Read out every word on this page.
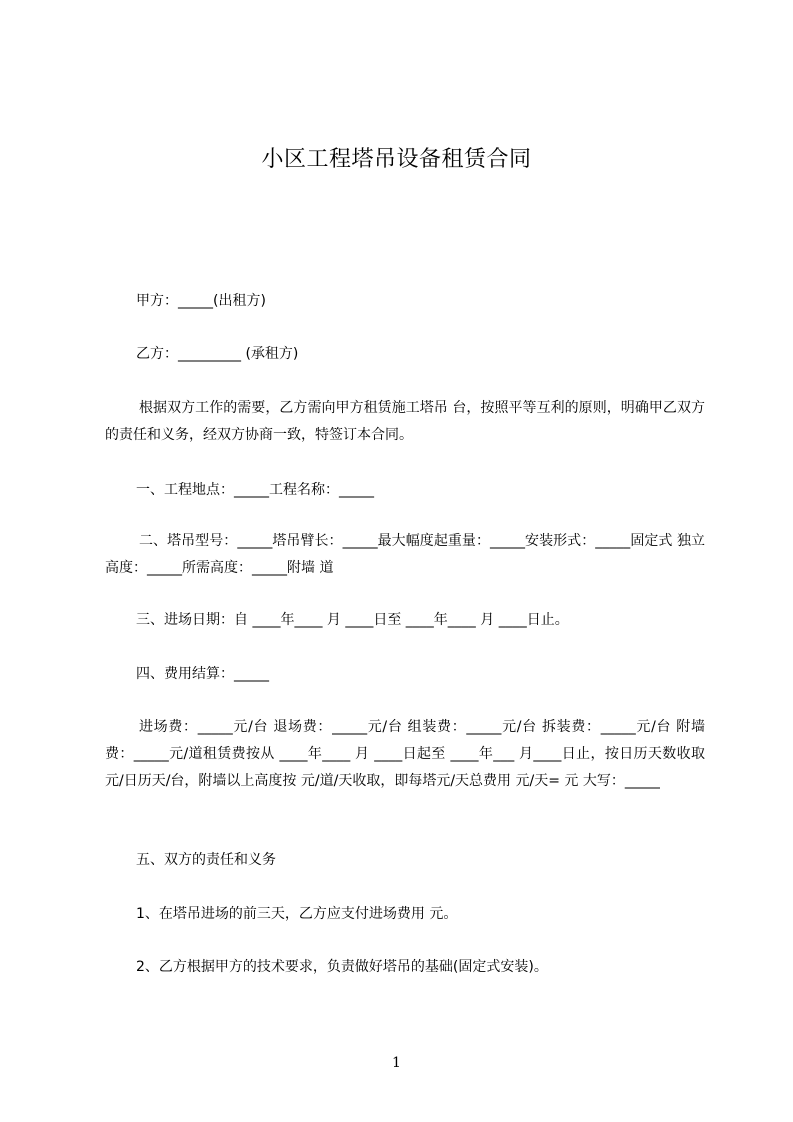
小区工程塔吊设备租赁合同
甲方：_____(出租方)
乙方：_________ (承租方)
根据双方工作的需要，乙方需向甲方租赁施工塔吊 台，按照平等互利的原则，明确甲乙双方的责任和义务，经双方协商一致，特签订本合同。
一、工程地点：_____工程名称：_____
二、塔吊型号：_____塔吊臂长：_____最大幅度起重量：_____安装形式：_____固定式 独立高度：_____所需高度：_____附墙 道
三、进场日期：自 ____年____ 月 ____日至 ____年____ 月 ____日止。
四、费用结算：_____
进场费：_____元/台 退场费：_____元/台 组装费：_____元/台 拆装费：_____元/台 附墙费：_____元/道租赁费按从 ____年____ 月 ____日起至 ____年___ 月____日止，按日历天数收取 元/日历天/台，附墙以上高度按 元/道/天收取，即每塔元/天总费用 元/天= 元 大写：_____
五、双方的责任和义务
1、在塔吊进场的前三天，乙方应支付进场费用 元。
2、乙方根据甲方的技术要求，负责做好塔吊的基础(固定式安装)。
1
